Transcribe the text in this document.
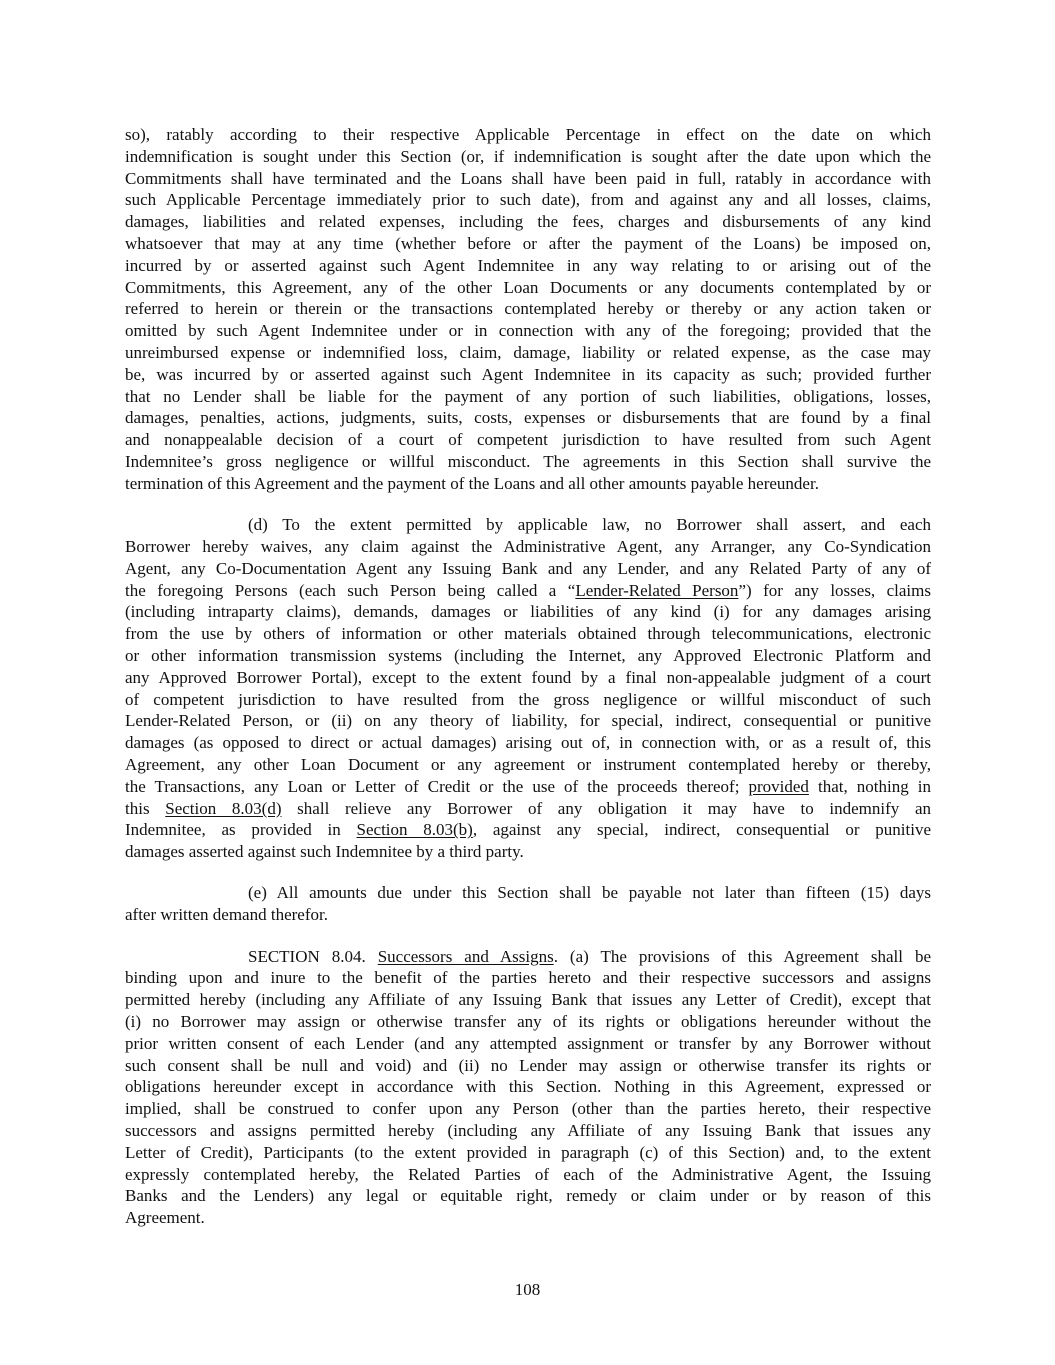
so), ratably according to their respective Applicable Percentage in effect on the date on which
indemnification is sought under this Section (or, if indemnification is sought after the date upon which the
Commitments shall have terminated and the Loans shall have been paid in full, ratably in accordance with
such Applicable Percentage immediately prior to such date), from and against any and all losses, claims,
damages, liabilities and related expenses, including the fees, charges and disbursements of any kind
whatsoever that may at any time (whether before or after the payment of the Loans) be imposed on,
incurred by or asserted against such Agent Indemnitee in any way relating to or arising out of the
Commitments, this Agreement, any of the other Loan Documents or any documents contemplated by or
referred to herein or therein or the transactions contemplated hereby or thereby or any action taken or
omitted by such Agent Indemnitee under or in connection with any of the foregoing; provided that the
unreimbursed expense or indemnified loss, claim, damage, liability or related expense, as the case may
be, was incurred by or asserted against such Agent Indemnitee in its capacity as such; provided further
that no Lender shall be liable for the payment of any portion of such liabilities, obligations, losses,
damages, penalties, actions, judgments, suits, costs, expenses or disbursements that are found by a final
and nonappealable decision of a court of competent jurisdiction to have resulted from such Agent
Indemnitee’s gross negligence or willful misconduct. The agreements in this Section shall survive the
termination of this Agreement and the payment of the Loans and all other amounts payable hereunder.
(d) To the extent permitted by applicable law, no Borrower shall assert, and each
Borrower hereby waives, any claim against the Administrative Agent, any Arranger, any Co-Syndication
Agent, any Co-Documentation Agent any Issuing Bank and any Lender, and any Related Party of any of
the foregoing Persons (each such Person being called a “Lender-Related Person”) for any losses, claims
(including intraparty claims), demands, damages or liabilities of any kind (i) for any damages arising
from the use by others of information or other materials obtained through telecommunications, electronic
or other information transmission systems (including the Internet, any Approved Electronic Platform and
any Approved Borrower Portal), except to the extent found by a final non-appealable judgment of a court
of competent jurisdiction to have resulted from the gross negligence or willful misconduct of such
Lender-Related Person, or (ii) on any theory of liability, for special, indirect, consequential or punitive
damages (as opposed to direct or actual damages) arising out of, in connection with, or as a result of, this
Agreement, any other Loan Document or any agreement or instrument contemplated hereby or thereby,
the Transactions, any Loan or Letter of Credit or the use of the proceeds thereof; provided that, nothing in
this Section 8.03(d) shall relieve any Borrower of any obligation it may have to indemnify an
Indemnitee, as provided in Section 8.03(b), against any special, indirect, consequential or punitive
damages asserted against such Indemnitee by a third party.
(e) All amounts due under this Section shall be payable not later than fifteen (15) days
after written demand therefor.
SECTION 8.04. Successors and Assigns. (a) The provisions of this Agreement shall be
binding upon and inure to the benefit of the parties hereto and their respective successors and assigns
permitted hereby (including any Affiliate of any Issuing Bank that issues any Letter of Credit), except that
(i) no Borrower may assign or otherwise transfer any of its rights or obligations hereunder without the
prior written consent of each Lender (and any attempted assignment or transfer by any Borrower without
such consent shall be null and void) and (ii) no Lender may assign or otherwise transfer its rights or
obligations hereunder except in accordance with this Section. Nothing in this Agreement, expressed or
implied, shall be construed to confer upon any Person (other than the parties hereto, their respective
successors and assigns permitted hereby (including any Affiliate of any Issuing Bank that issues any
Letter of Credit), Participants (to the extent provided in paragraph (c) of this Section) and, to the extent
expressly contemplated hereby, the Related Parties of each of the Administrative Agent, the Issuing
Banks and the Lenders) any legal or equitable right, remedy or claim under or by reason of this
Agreement.
108
